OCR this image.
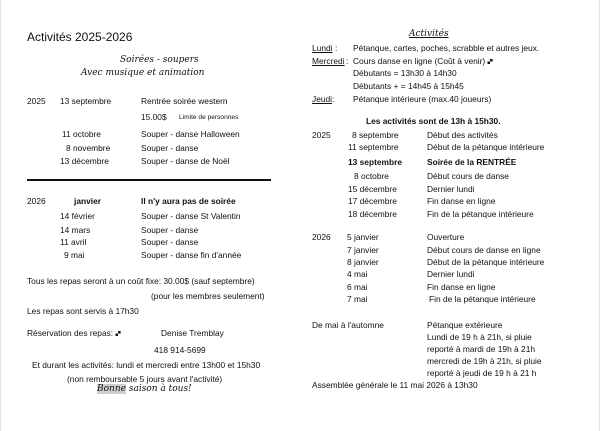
Activités 2025-2026
Soirées - soupers
Avec musique et animation
2025 13 septembre	Rentrée soirée western
15.00$ Limite de personnes
11 octobre	Souper - danse Halloween
8 novembre	Souper - danse
13 décembre	Souper - danse de Noël
2026	janvier	Il n'y aura pas de soirée
14 février	Souper - danse St Valentin
14 mars	Souper - danse
11 avril	Souper - danse
9 mai	Souper - danse fin d'année
Tous les repas seront à un coût fixe: 30.00$ (sauf septembre)
(pour les membres seulement)
Les repas sont servis à 17h30
Réservation des repas: 🙾	Denise Tremblay
418 914-5699
Et durant les activités: lundi et mercredi entre 13h00 et 15h30
(non remboursable 5 jours avant l'activité)
Bonne saison à tous!
Activités
Lundi : Pétanque, cartes, poches, scrabble et autres jeux.
Mercredi : Cours danse en ligne (Coût à venir) 🙾
Débutants = 13h30 à 14h30
Débutants + = 14h45 à 15h45
Jeudi : Pétanque intérieure (max.40 joueurs)
Les activités sont de 13h à 15h30.
2025	8 septembre	Début des activités
11 septembre	Début de la pétanque intérieure
13 septembre	Soirée de la RENTRÉE
8 octobre	Début cours de danse
15 décembre	Dernier lundi
17 décembre	Fin danse en ligne
18 décembre	Fin de la pétanque intérieure
2026 5 janvier	Ouverture
7 janvier	Début cours de danse en ligne
8 janvier	Début de la pétanque intérieure
4 mai	Dernier lundi
6 mai	Fin danse en ligne
7 mai	Fin de la pétanque intérieure
De mai à l'automne	Pétanque extérieure
Lundi de 19 h à 21h, si pluie
reporté à mardi de 19h à 21h
mercredi de 19h à 21h, si pluie
reporté à jeudi de 19 h à 21 h
Assemblée générale le 11 mai 2026 à 13h30
